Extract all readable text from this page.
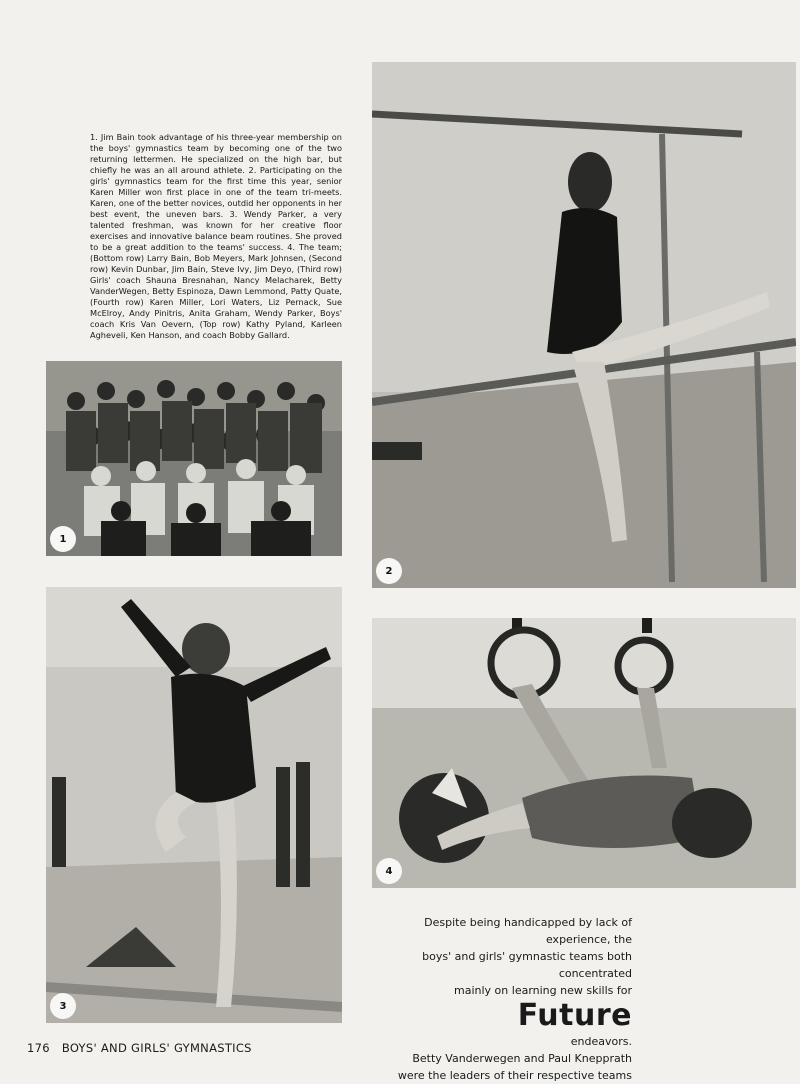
1. Jim Bain took advantage of his three-year membership on the boys' gymnastics team by becoming one of the two returning lettermen. He specialized on the high bar, but chiefly he was an all around athlete. 2. Participating on the girls' gymnastics team for the first time this year, senior Karen Miller won first place in one of the team tri-meets. Karen, one of the better novices, outdid her opponents in her best event, the uneven bars. 3. Wendy Parker, a very talented freshman, was known for her creative floor exercises and innovative balance beam routines. She proved to be a great addition to the teams' success. 4. The team; (Bottom row) Larry Bain, Bob Meyers, Mark Johnsen, (Second row) Kevin Dunbar, Jim Bain, Steve Ivy, Jim Deyo, (Third row) Girls' coach Shauna Bresnahan, Nancy Melacharek, Betty VanderWegen, Betty Espinoza, Dawn Lemmond, Patty Quate, (Fourth row) Karen Miller, Lori Waters, Liz Pernack, Sue McElroy, Andy Pinitris, Anita Graham, Wendy Parker, Boys' coach Kris Van Oevern, (Top row) Kathy Pyland, Karleen Agheveli, Ken Hanson, and coach Bobby Gallard.

1
2
3
4

Despite being handicapped by lack of experience, the

boys' and girls' gymnastic teams both concentrated

mainly on learning new skills for

Future

endeavors.

Betty Vanderwegen and Paul Knepprath

were the leaders of their respective teams

176 BOYS' AND GIRLS' GYMNASTICS
